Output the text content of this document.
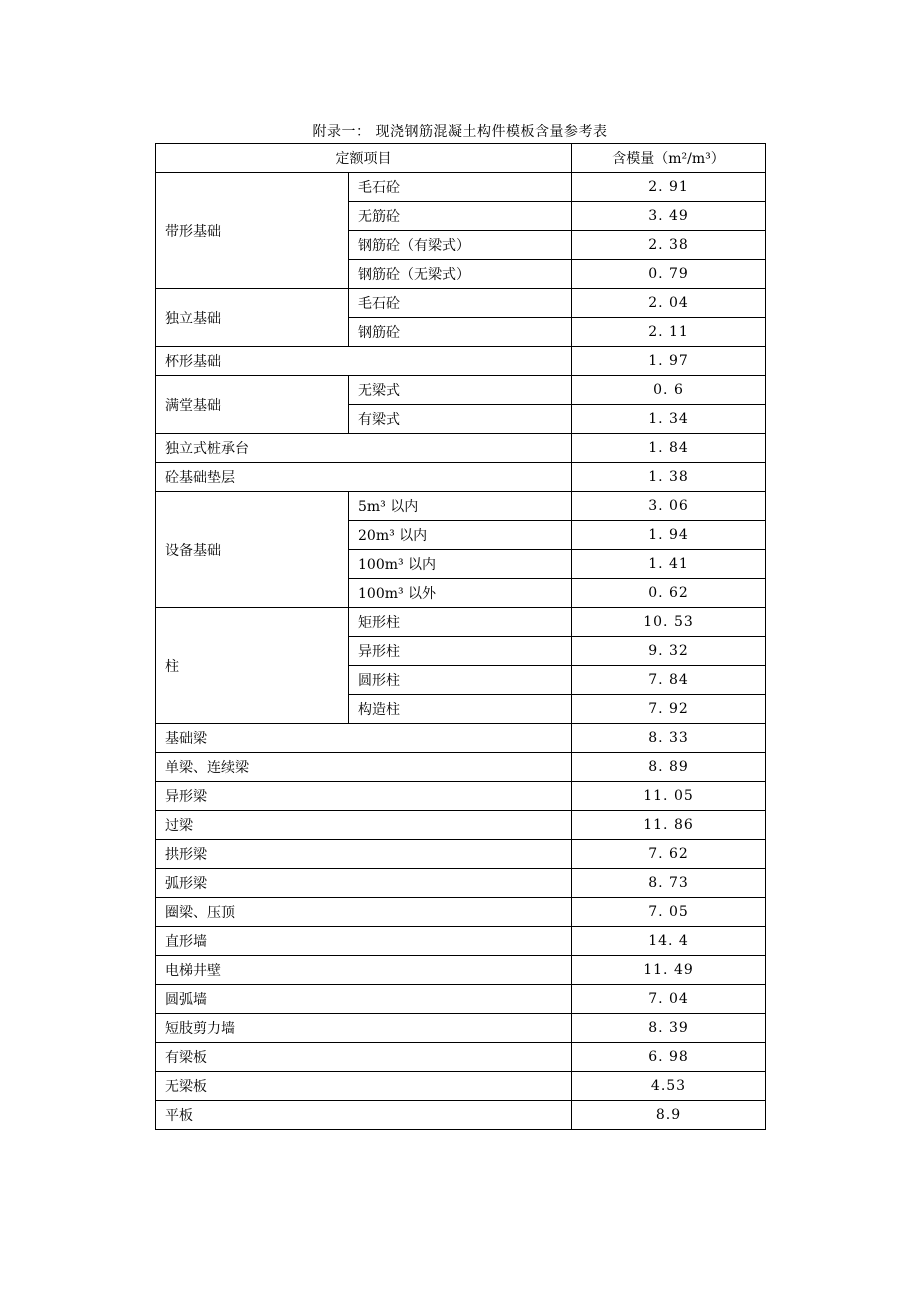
附录一： 现浇钢筋混凝土构件模板含量参考表
定额项目		含模量（m²/m³）
带形基础	毛石砼	2. 91
	无筋砼	3. 49
	钢筋砼（有梁式）	2. 38
	钢筋砼（无梁式）	0. 79
独立基础	毛石砼	2. 04
	钢筋砼	2. 11
杯形基础		1. 97
满堂基础	无梁式	0. 6
	有梁式	1. 34
独立式桩承台		1. 84
砼基础垫层		1. 38
设备基础	5m³ 以内	3. 06
	20m³ 以内	1. 94
	100m³ 以内	1. 41
	100m³ 以外	0. 62
柱	矩形柱	10. 53
	异形柱	9. 32
	圆形柱	7. 84
	构造柱	7. 92
基础梁		8. 33
单梁、连续梁		8. 89
异形梁		11. 05
过梁		11. 86
拱形梁		7. 62
弧形梁		8. 73
圈梁、压顶		7. 05
直形墙		14. 4
电梯井壁		11. 49
圆弧墙		7. 04
短肢剪力墙		8. 39
有梁板		6. 98
无梁板		4.53
平板		8.9
